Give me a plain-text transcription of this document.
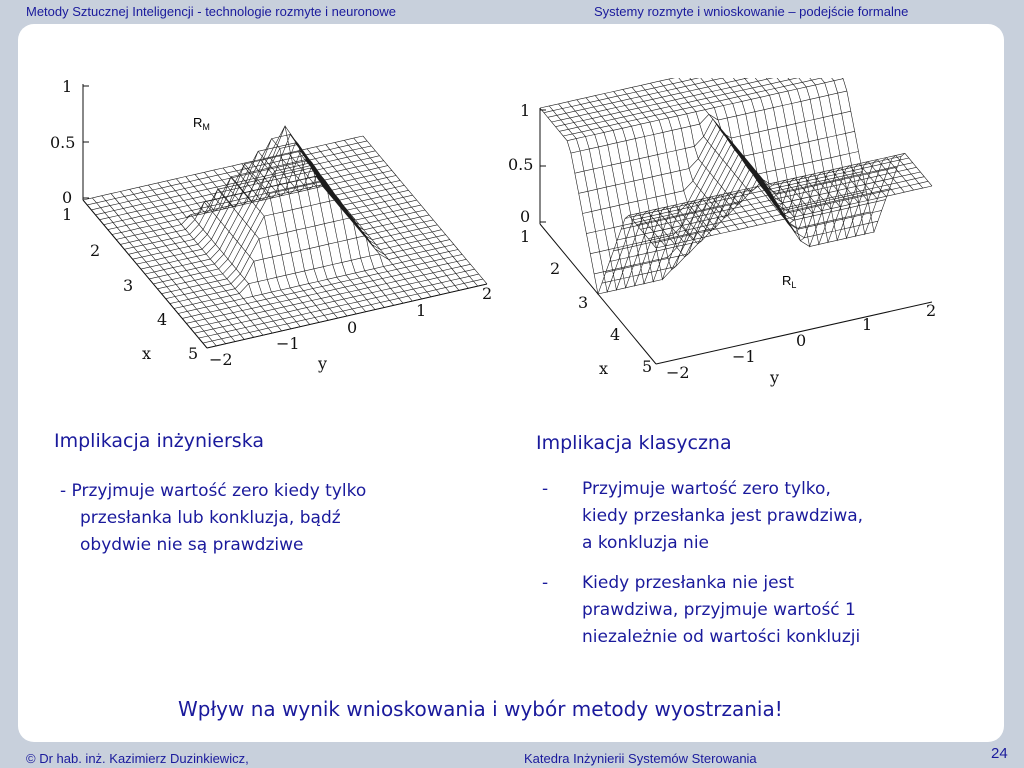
Metody Sztucznej Inteligencji - technologie rozmyte i neuronowe	Systemy rozmyte i wnioskowanie – podejście formalne
1
0.5
0
1
2
3
4
5
x	−2
−1
0
1
2
y
$R_M$
1
0.5
0
1
2
3
4
5
x	−2
−1
0
1
2
y
$R_L$
Implikacja inżynierska
- Przyjmuje wartość zero kiedy tylko
przesłanka lub konkluzja, bądź
obydwie nie są prawdziwe
Implikacja klasyczna
- Przyjmuje wartość zero tylko,
kiedy przesłanka jest prawdziwa,
a konkluzja nie
- Kiedy przesłanka nie jest
prawdziwa, przyjmuje wartość 1
niezależnie od wartości konkluzji
Wpływ na wynik wnioskowania i wybór metody wyostrzania!
© Dr hab. inż. Kazimierz Duzinkiewicz,	Katedra Inżynierii Systemów Sterowania	24
